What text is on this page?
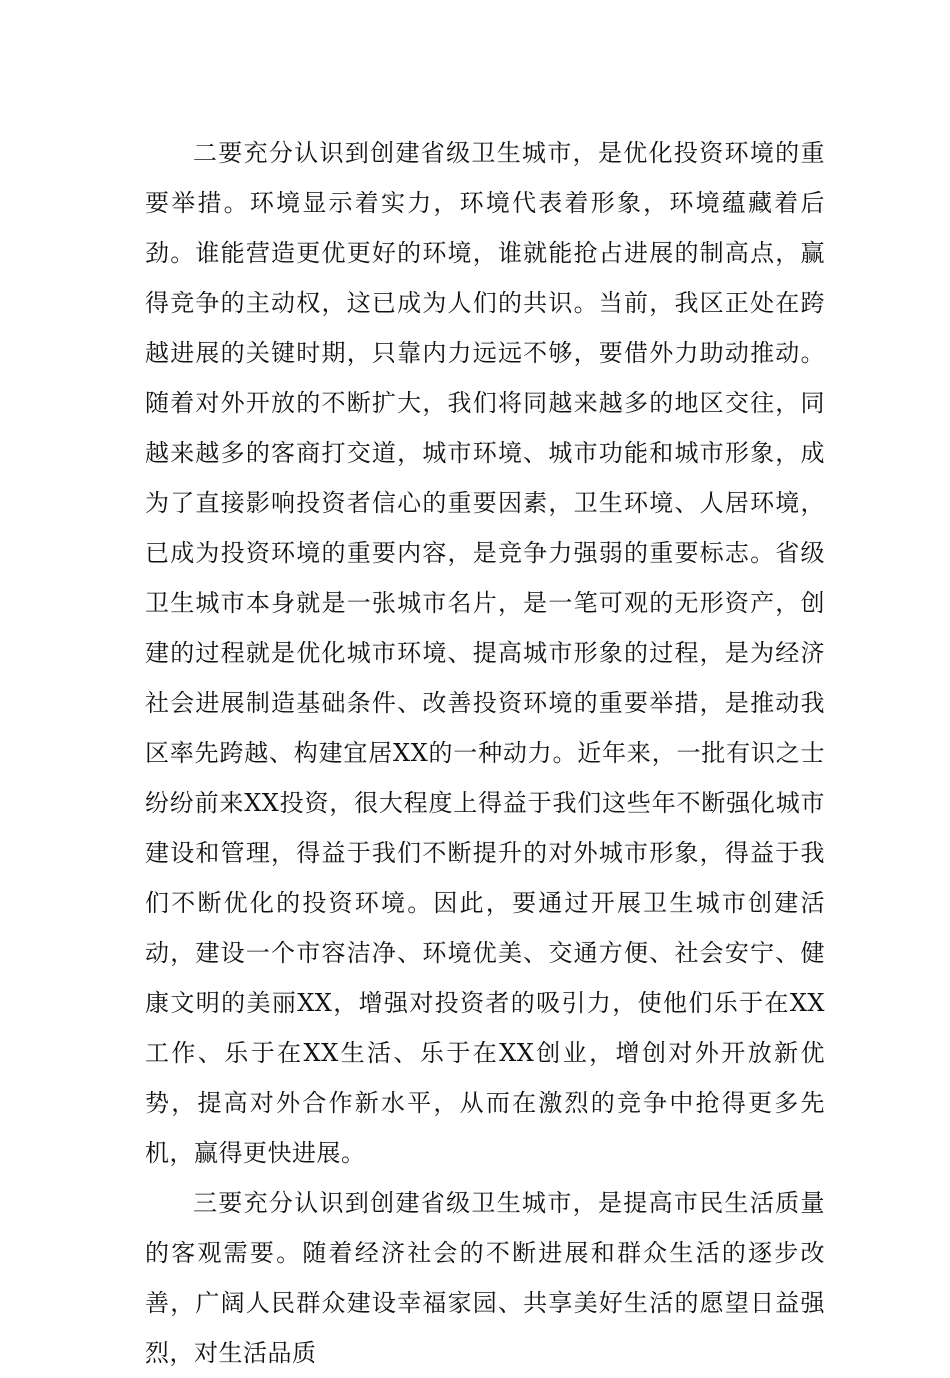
二要充分认识到创建省级卫生城市，是优化投资环境的重要举措。环境显示着实力，环境代表着形象，环境蕴藏着后劲。谁能营造更优更好的环境，谁就能抢占进展的制高点，赢得竞争的主动权，这已成为人们的共识。当前，我区正处在跨越进展的关键时期，只靠内力远远不够，要借外力助动推动。随着对外开放的不断扩大，我们将同越来越多的地区交往，同越来越多的客商打交道，城市环境、城市功能和城市形象，成为了直接影响投资者信心的重要因素，卫生环境、人居环境，已成为投资环境的重要内容，是竞争力强弱的重要标志。省级卫生城市本身就是一张城市名片，是一笔可观的无形资产，创建的过程就是优化城市环境、提高城市形象的过程，是为经济社会进展制造基础条件、改善投资环境的重要举措，是推动我区率先跨越、构建宜居XX的一种动力。近年来，一批有识之士纷纷前来XX投资，很大程度上得益于我们这些年不断强化城市建设和管理，得益于我们不断提升的对外城市形象，得益于我们不断优化的投资环境。因此，要通过开展卫生城市创建活动，建设一个市容洁净、环境优美、交通方便、社会安宁、健康文明的美丽XX，增强对投资者的吸引力，使他们乐于在XX工作、乐于在XX生活、乐于在XX创业，增创对外开放新优势，提高对外合作新水平，从而在激烈的竞争中抢得更多先机，赢得更快进展。

三要充分认识到创建省级卫生城市，是提高市民生活质量的客观需要。随着经济社会的不断进展和群众生活的逐步改善，广阔人民群众建设幸福家园、共享美好生活的愿望日益强烈，对生活品质
